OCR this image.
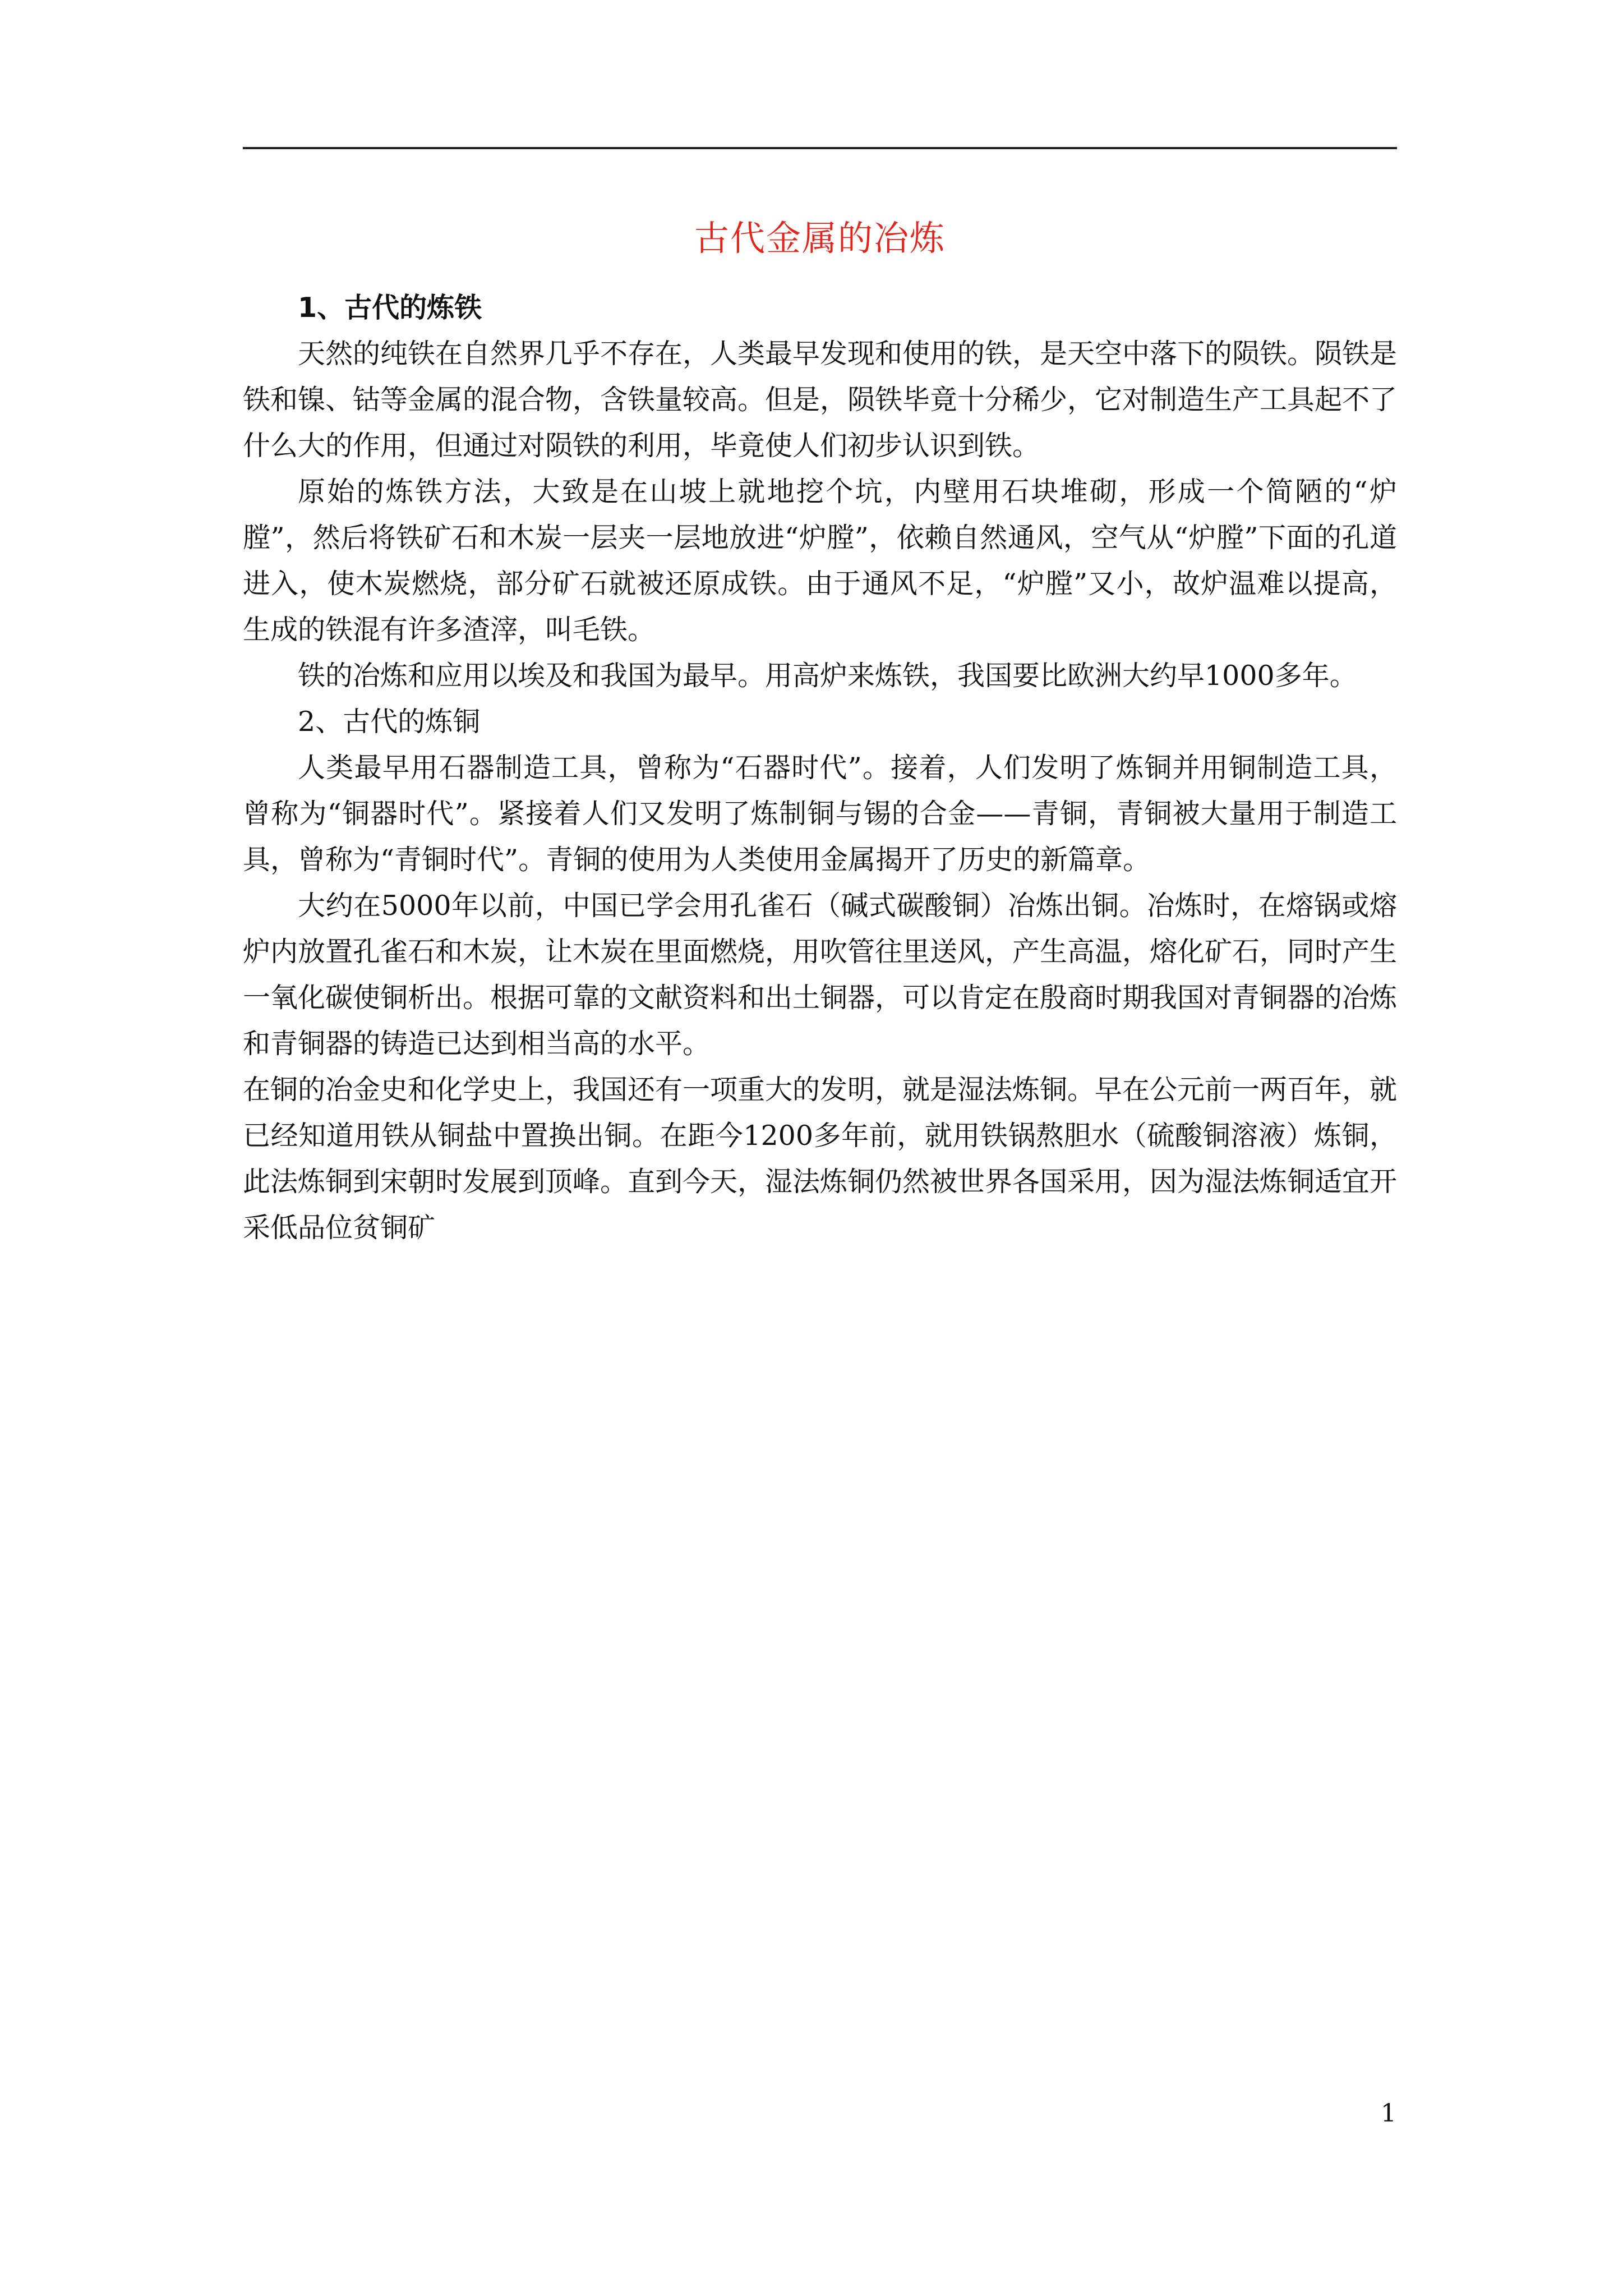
古代金属的冶炼

1、古代的炼铁

天然的纯铁在自然界几乎不存在，人类最早发现和使用的铁，是天空中落下的陨铁。陨铁是铁和镍、钴等金属的混合物，含铁量较高。但是，陨铁毕竟十分稀少，它对制造生产工具起不了什么大的作用，但通过对陨铁的利用，毕竟使人们初步认识到铁。

原始的炼铁方法，大致是在山坡上就地挖个坑，内壁用石块堆砌，形成一个简陋的“炉膛”，然后将铁矿石和木炭一层夹一层地放进“炉膛”，依赖自然通风，空气从“炉膛”下面的孔道进入，使木炭燃烧，部分矿石就被还原成铁。由于通风不足，“炉膛”又小，故炉温难以提高，生成的铁混有许多渣滓，叫毛铁。

铁的冶炼和应用以埃及和我国为最早。用高炉来炼铁，我国要比欧洲大约早1000多年。

2、古代的炼铜

人类最早用石器制造工具，曾称为“石器时代”。接着，人们发明了炼铜并用铜制造工具，曾称为“铜器时代”。紧接着人们又发明了炼制铜与锡的合金——青铜，青铜被大量用于制造工具，曾称为“青铜时代”。青铜的使用为人类使用金属揭开了历史的新篇章。

大约在5000年以前，中国已学会用孔雀石（碱式碳酸铜）冶炼出铜。冶炼时，在熔锅或熔炉内放置孔雀石和木炭，让木炭在里面燃烧，用吹管往里送风，产生高温，熔化矿石，同时产生一氧化碳使铜析出。根据可靠的文献资料和出土铜器，可以肯定在殷商时期我国对青铜器的冶炼和青铜器的铸造已达到相当高的水平。

在铜的冶金史和化学史上，我国还有一项重大的发明，就是湿法炼铜。早在公元前一两百年，就已经知道用铁从铜盐中置换出铜。在距今1200多年前，就用铁锅熬胆水（硫酸铜溶液）炼铜，此法炼铜到宋朝时发展到顶峰。直到今天，湿法炼铜仍然被世界各国采用，因为湿法炼铜适宜开采低品位贫铜矿

1
